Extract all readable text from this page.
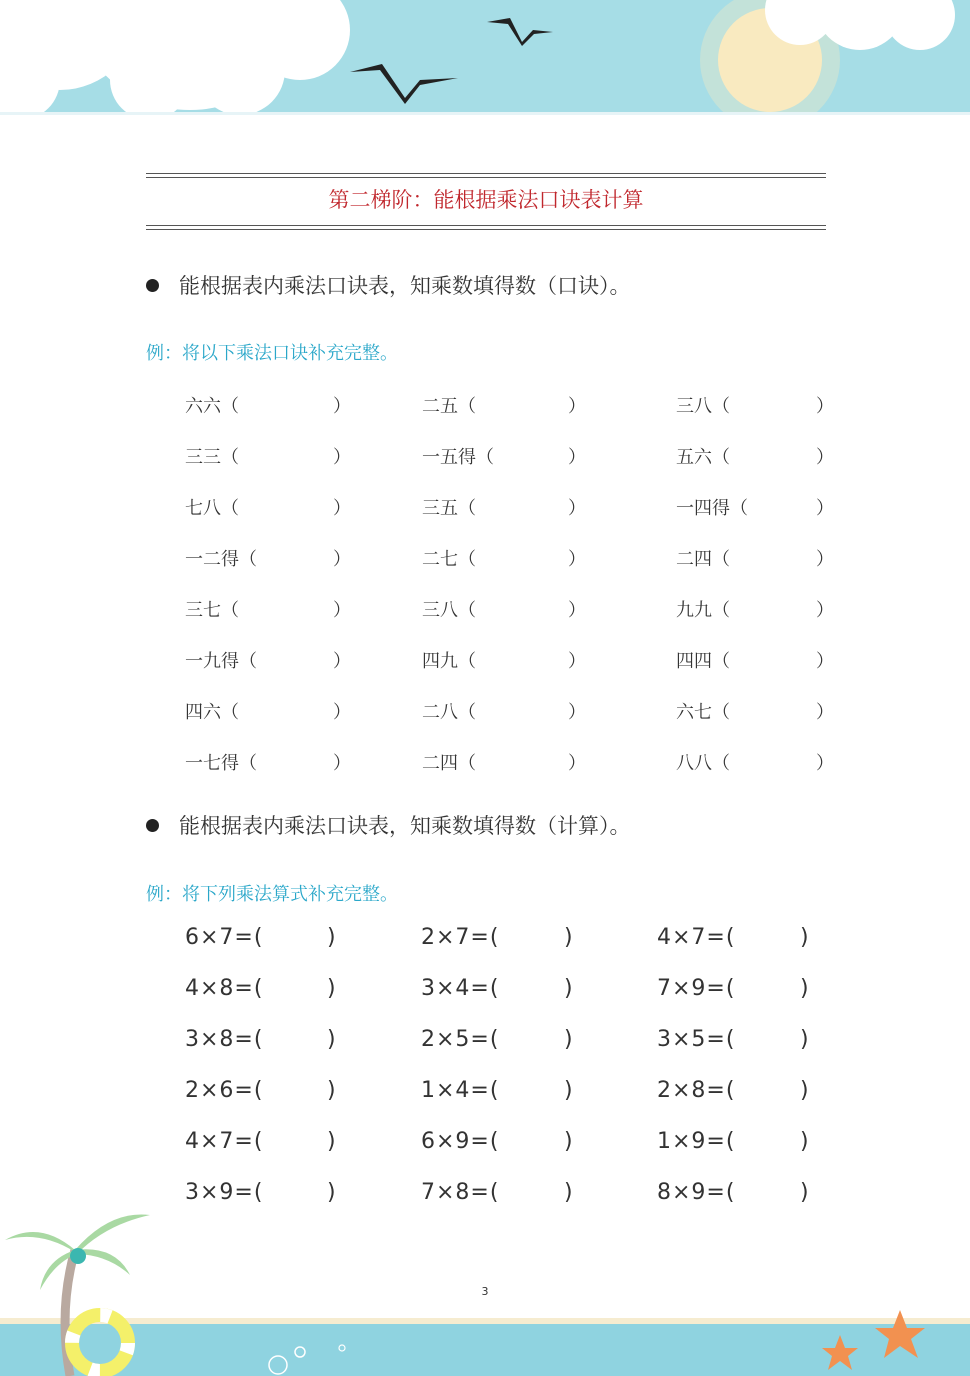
第二梯阶：能根据乘法口诀表计算
能根据表内乘法口诀表，知乘数填得数（口诀）。
例：将以下乘法口诀补充完整。
六六（	）	二五（	）	三八（	）
三三（	）	一五得（	）	五六（	）
七八（	）	三五（	）	一四得（	）
一二得（	）	二七（	）	二四（	）
三七（	）	三八（	）	九九（	）
一九得（	）	四九（	）	四四（	）
四六（	）	二八（	）	六七（	）
一七得（	）	二四（	）	八八（	）
能根据表内乘法口诀表，知乘数填得数（计算）。
例：将下列乘法算式补充完整。
6×7=(	)	2×7=(	)	4×7=(	)
4×8=(	)	3×4=(	)	7×9=(	)
3×8=(	)	2×5=(	)	3×5=(	)
2×6=(	)	1×4=(	)	2×8=(	)
4×7=(	)	6×9=(	)	1×9=(	)
3×9=(	)	7×8=(	)	8×9=(	)
3
